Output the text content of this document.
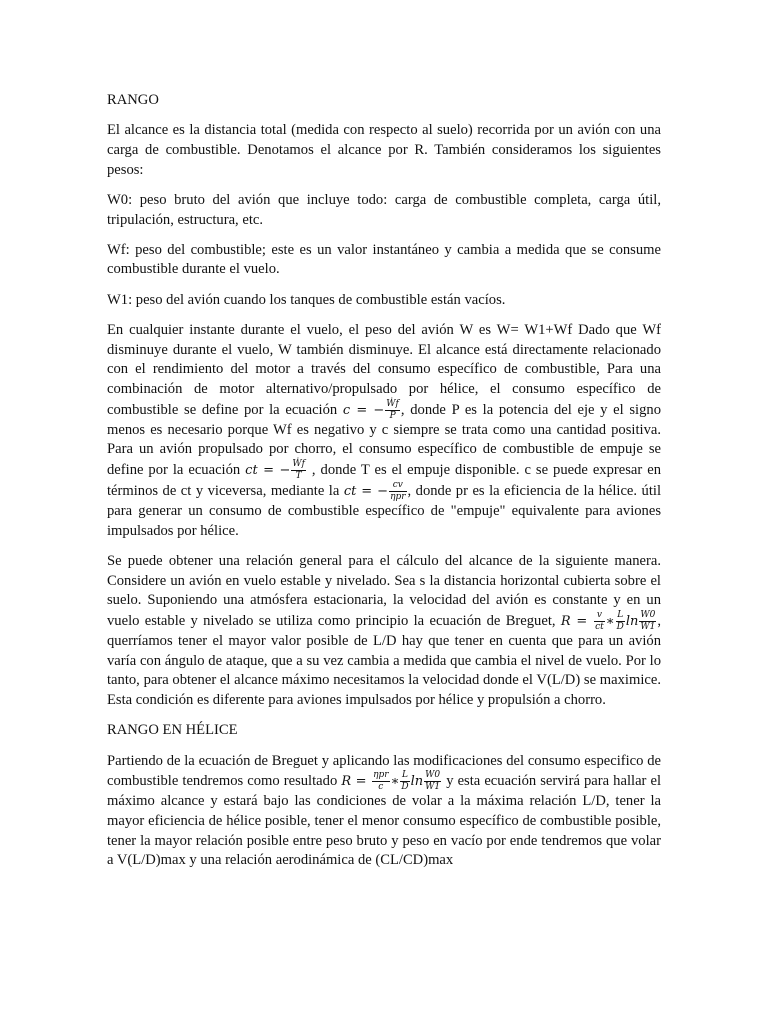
RANGO

El alcance es la distancia total (medida con respecto al suelo) recorrida por un avión con una carga de combustible. Denotamos el alcance por R. También consideramos los siguientes pesos:

W0: peso bruto del avión que incluye todo: carga de combustible completa, carga útil, tripulación, estructura, etc.

Wf: peso del combustible; este es un valor instantáneo y cambia a medida que se consume combustible durante el vuelo.

W1: peso del avión cuando los tanques de combustible están vacíos.

En cualquier instante durante el vuelo, el peso del avión W es W= W1+Wf Dado que Wf disminuye durante el vuelo, W también disminuye. El alcance está directamente relacionado con el rendimiento del motor a través del consumo específico de combustible, Para una combinación de motor alternativo/propulsado por hélice, el consumo específico de combustible se define por la ecuación c = − $\frac{\text{Ẇf}}{P}$ , donde P es la potencia del eje y el signo menos es necesario porque Wf es negativo y c siempre se trata como una cantidad positiva. Para un avión propulsado por chorro, el consumo específico de combustible de empuje se define por la ecuación ct = − $\frac{\text{Ẇf}}{T}$ , donde T es el empuje disponible. c se puede expresar en términos de ct y viceversa, mediante la ct = − $\frac{cv}{\text{ηpr}}$ , donde pr es la eficiencia de la hélice. útil para generar un consumo de combustible específico de "empuje" equivalente para aviones impulsados por hélice.

Se puede obtener una relación general para el cálculo del alcance de la siguiente manera. Considere un avión en vuelo estable y nivelado. Sea s la distancia horizontal cubierta sobre el suelo. Suponiendo una atmósfera estacionaria, la velocidad del avión es constante y en un vuelo estable y nivelado se utiliza como principio la ecuación de Breguet, $R = \frac{v}{ct}$ ∗ $\frac{L}{D}$ $\ln \frac{W0}{W1}$ , querríamos tener el mayor valor posible de L/D hay que tener en cuenta que para un avión varía con ángulo de ataque, que a su vez cambia a medida que cambia el nivel de vuelo. Por lo tanto, para obtener el alcance máximo necesitamos la velocidad donde el V(L/D) se maximice. Esta condición es diferente para aviones impulsados por hélice y propulsión a chorro.

RANGO EN HÉLICE

Partiendo de la ecuación de Breguet y aplicando las modificaciones del consumo especifico de combustible tendremos como resultado $R = \frac{\text{ηpr}}{c}$ ∗ $\frac{L}{D}$ $\ln \frac{W0}{W1}$ y esta ecuación servirá para hallar el máximo alcance y estará bajo las condiciones de volar a la máxima relación L/D, tener la mayor eficiencia de hélice posible, tener el menor consumo específico de combustible posible, tener la mayor relación posible entre peso bruto y peso en vacío por ende tendremos que volar a V(L/D)max y una relación aerodinámica de (CL/CD)max
